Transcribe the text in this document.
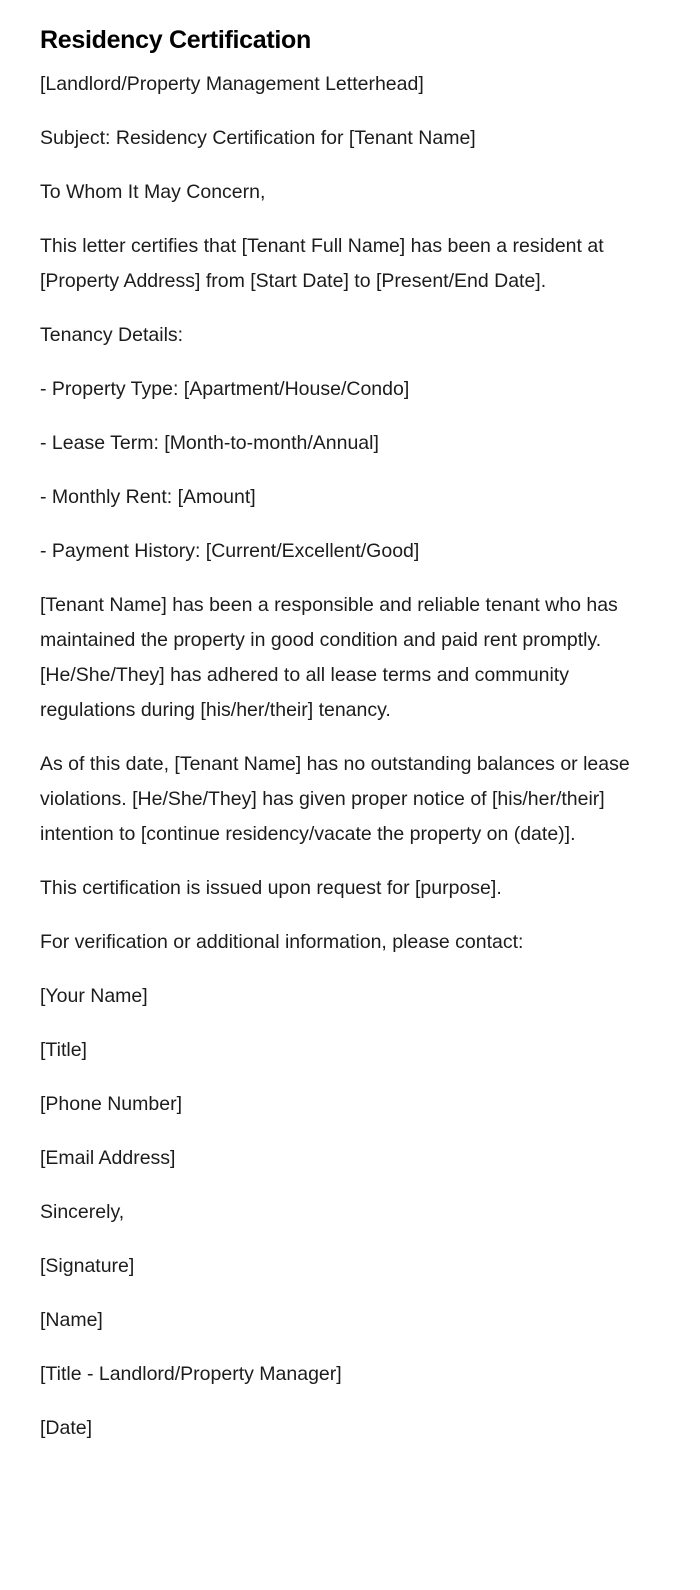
Residency Certification

[Landlord/Property Management Letterhead]

Subject: Residency Certification for [Tenant Name]

To Whom It May Concern,

This letter certifies that [Tenant Full Name] has been a resident at [Property Address] from [Start Date] to [Present/End Date].

Tenancy Details:

- Property Type: [Apartment/House/Condo]

- Lease Term: [Month-to-month/Annual]

- Monthly Rent: [Amount]

- Payment History: [Current/Excellent/Good]

[Tenant Name] has been a responsible and reliable tenant who has maintained the property in good condition and paid rent promptly. [He/She/They] has adhered to all lease terms and community regulations during [his/her/their] tenancy.

As of this date, [Tenant Name] has no outstanding balances or lease violations. [He/She/They] has given proper notice of [his/her/their] intention to [continue residency/vacate the property on (date)].

This certification is issued upon request for [purpose].

For verification or additional information, please contact:

[Your Name]

[Title]

[Phone Number]

[Email Address]

Sincerely,

[Signature]

[Name]

[Title - Landlord/Property Manager]

[Date]
